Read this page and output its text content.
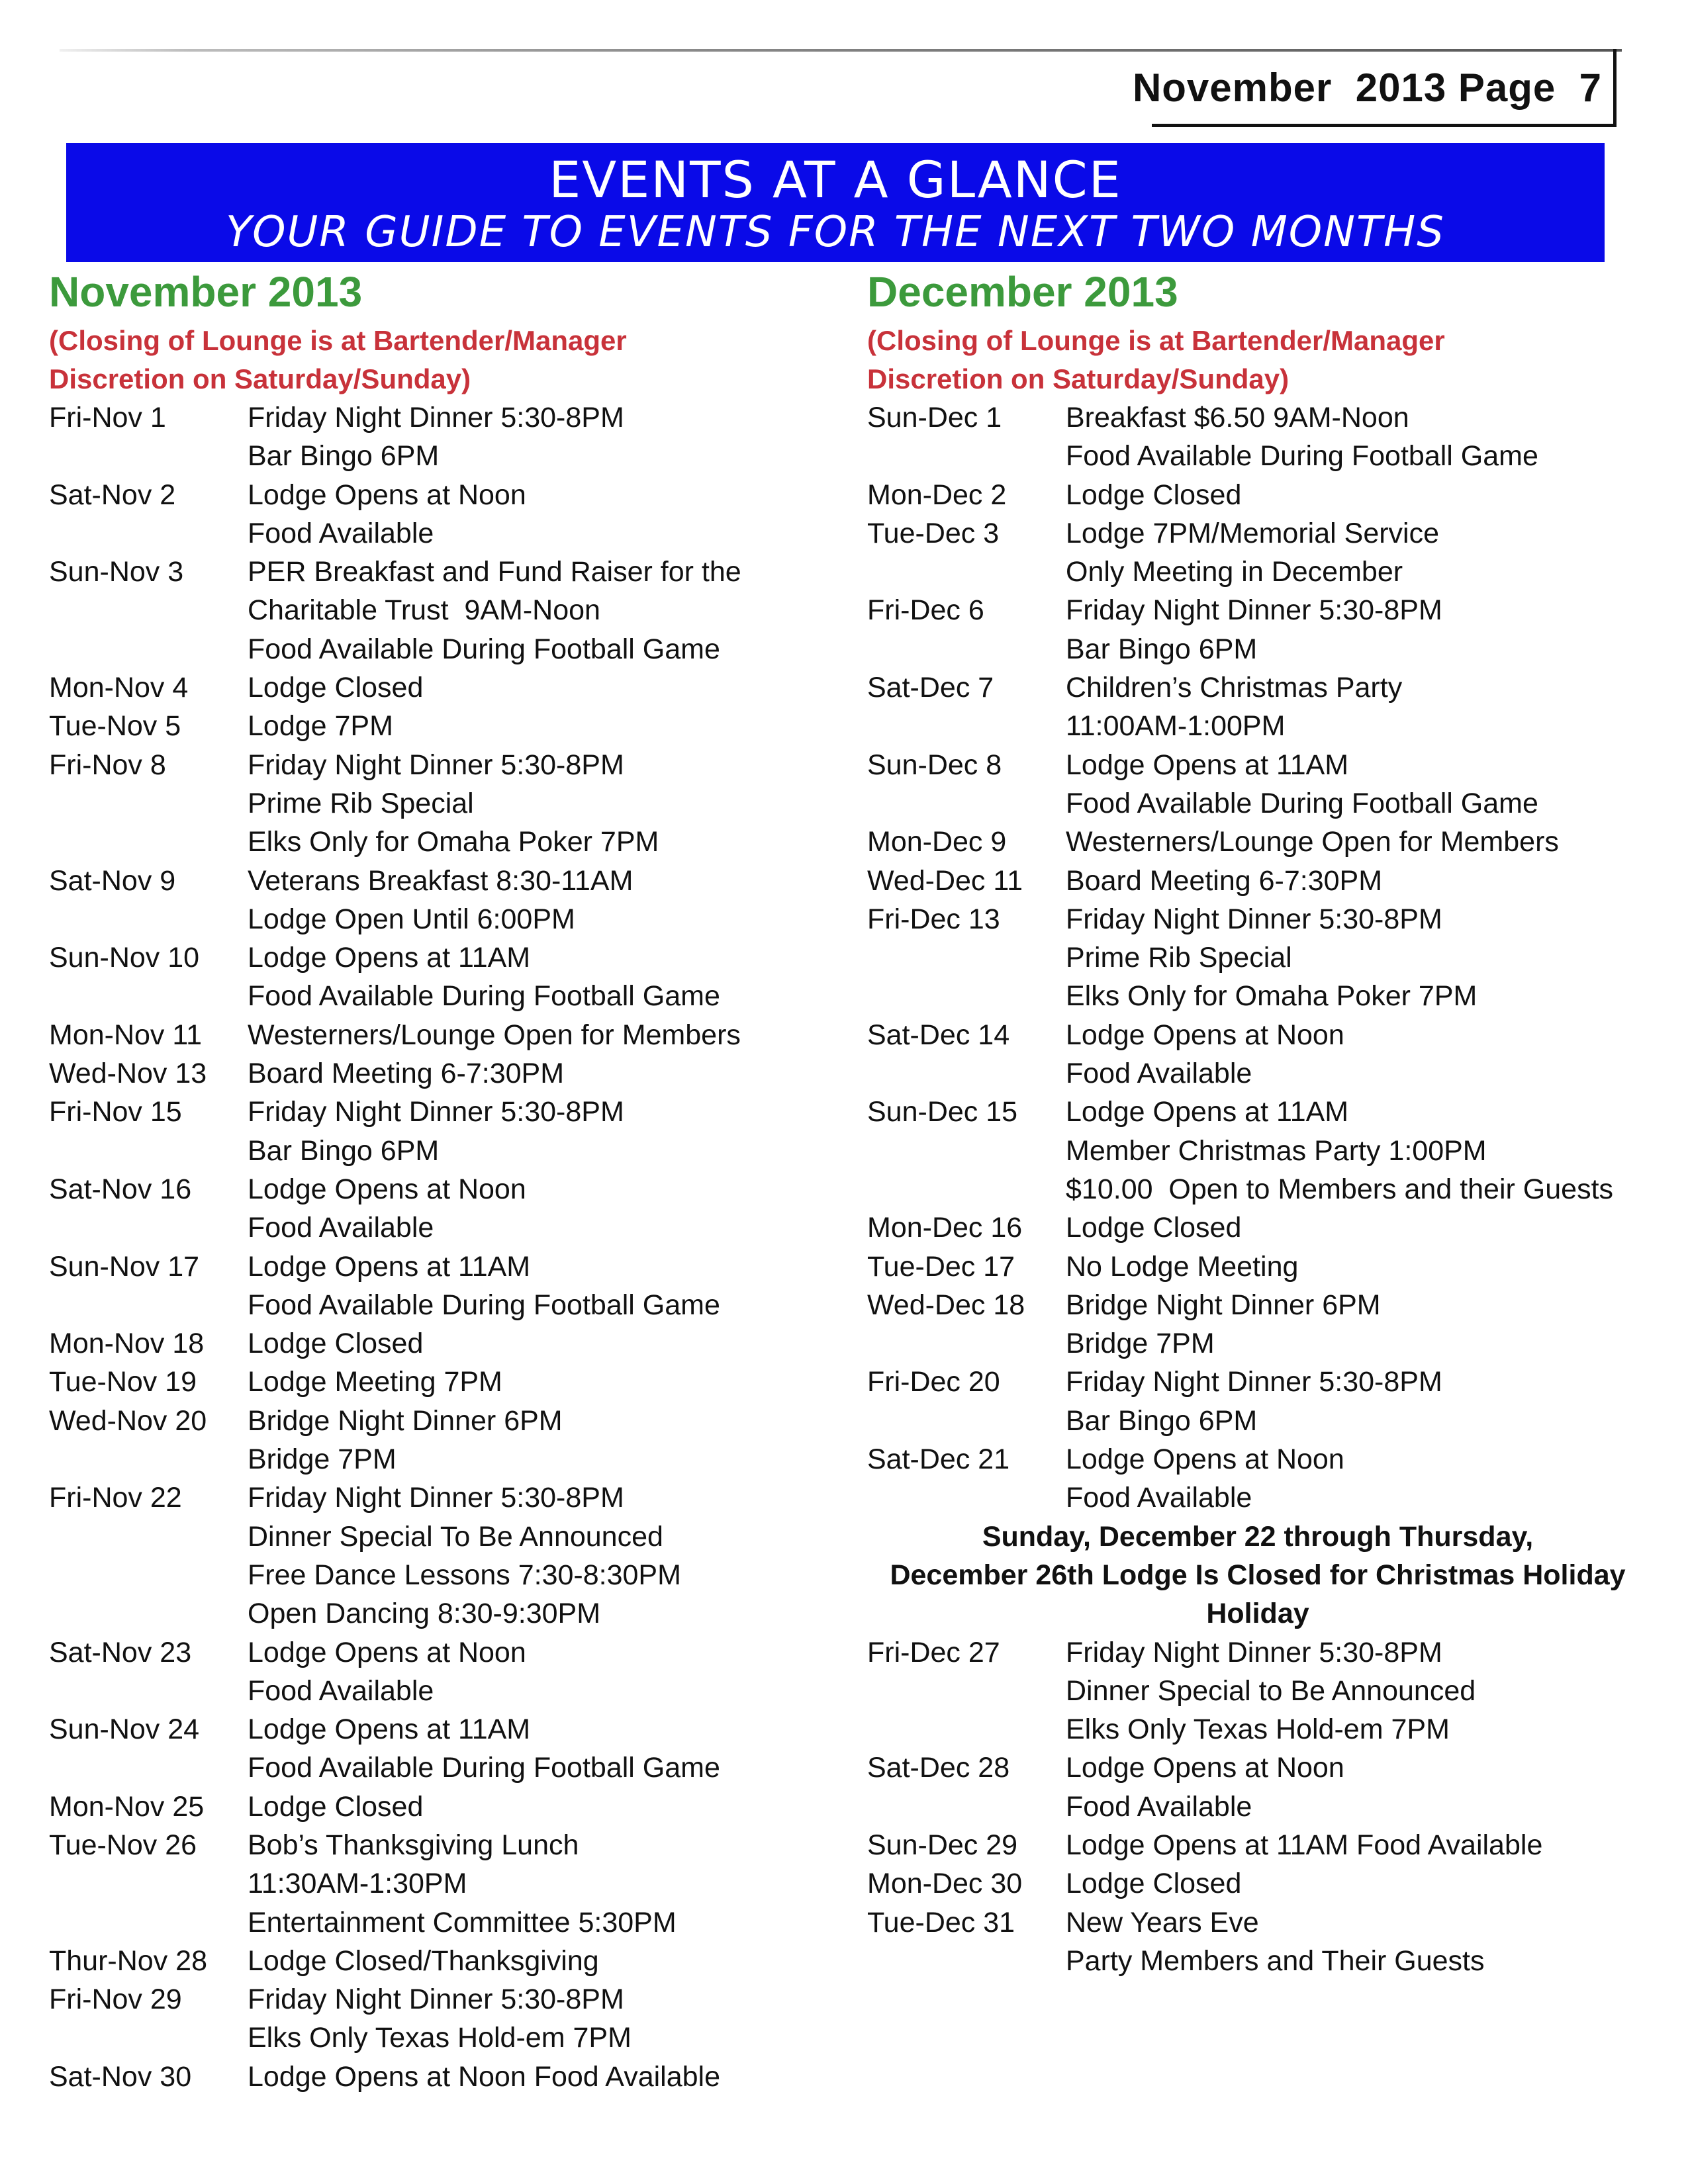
November  2013 Page  7
EVENTS AT A GLANCE
YOUR GUIDE TO EVENTS FOR THE NEXT TWO MONTHS
November 2013
(Closing of Lounge is at Bartender/Manager Discretion on Saturday/Sunday)
Fri-Nov 1	Friday Night Dinner 5:30-8PM
Bar Bingo 6PM
Sat-Nov 2	Lodge Opens at Noon
Food Available
Sun-Nov 3	PER Breakfast and Fund Raiser for the
Charitable Trust  9AM-Noon
Food Available During Football Game
Mon-Nov 4	Lodge Closed
Tue-Nov 5	Lodge 7PM
Fri-Nov 8	Friday Night Dinner 5:30-8PM
Prime Rib Special
Elks Only for Omaha Poker 7PM
Sat-Nov 9	Veterans Breakfast 8:30-11AM
Lodge Open Until 6:00PM
Sun-Nov 10	Lodge Opens at 11AM
Food Available During Football Game
Mon-Nov 11	Westerners/Lounge Open for Members
Wed-Nov 13	Board Meeting 6-7:30PM
Fri-Nov 15	Friday Night Dinner 5:30-8PM
Bar Bingo 6PM
Sat-Nov 16	Lodge Opens at Noon
Food Available
Sun-Nov 17	Lodge Opens at 11AM
Food Available During Football Game
Mon-Nov 18	Lodge Closed
Tue-Nov 19	Lodge Meeting 7PM
Wed-Nov 20	Bridge Night Dinner 6PM
Bridge 7PM
Fri-Nov 22	Friday Night Dinner 5:30-8PM
Dinner Special To Be Announced
Free Dance Lessons 7:30-8:30PM
Open Dancing 8:30-9:30PM
Sat-Nov 23	Lodge Opens at Noon
Food Available
Sun-Nov 24	Lodge Opens at 11AM
Food Available During Football Game
Mon-Nov 25	Lodge Closed
Tue-Nov 26	Bob’s Thanksgiving Lunch
11:30AM-1:30PM
Entertainment Committee 5:30PM
Thur-Nov 28	Lodge Closed/Thanksgiving
Fri-Nov 29	Friday Night Dinner 5:30-8PM
Elks Only Texas Hold-em 7PM
Sat-Nov 30	Lodge Opens at Noon Food Available
December 2013
(Closing of Lounge is at Bartender/Manager Discretion on Saturday/Sunday)
Sun-Dec 1	Breakfast $6.50 9AM-Noon
Food Available During Football Game
Mon-Dec 2	Lodge Closed
Tue-Dec 3	Lodge 7PM/Memorial Service
Only Meeting in December
Fri-Dec 6	Friday Night Dinner 5:30-8PM
Bar Bingo 6PM
Sat-Dec 7	Children’s Christmas Party
11:00AM-1:00PM
Sun-Dec 8	Lodge Opens at 11AM
Food Available During Football Game
Mon-Dec 9	Westerners/Lounge Open for Members
Wed-Dec 11	Board Meeting 6-7:30PM
Fri-Dec 13	Friday Night Dinner 5:30-8PM
Prime Rib Special
Elks Only for Omaha Poker 7PM
Sat-Dec 14	Lodge Opens at Noon
Food Available
Sun-Dec 15	Lodge Opens at 11AM
Member Christmas Party 1:00PM
$10.00  Open to Members and their Guests
Mon-Dec 16	Lodge Closed
Tue-Dec 17	No Lodge Meeting
Wed-Dec 18	Bridge Night Dinner 6PM
Bridge 7PM
Fri-Dec 20	Friday Night Dinner 5:30-8PM
Bar Bingo 6PM
Sat-Dec 21	Lodge Opens at Noon
Food Available
Sunday, December 22 through Thursday,
December 26th Lodge Is Closed for Christmas Holiday
Holiday
Fri-Dec 27	Friday Night Dinner 5:30-8PM
Dinner Special to Be Announced
Elks Only Texas Hold-em 7PM
Sat-Dec 28	Lodge Opens at Noon
Food Available
Sun-Dec 29	Lodge Opens at 11AM Food Available
Mon-Dec 30	Lodge Closed
Tue-Dec 31	New Years Eve
Party Members and Their Guests
